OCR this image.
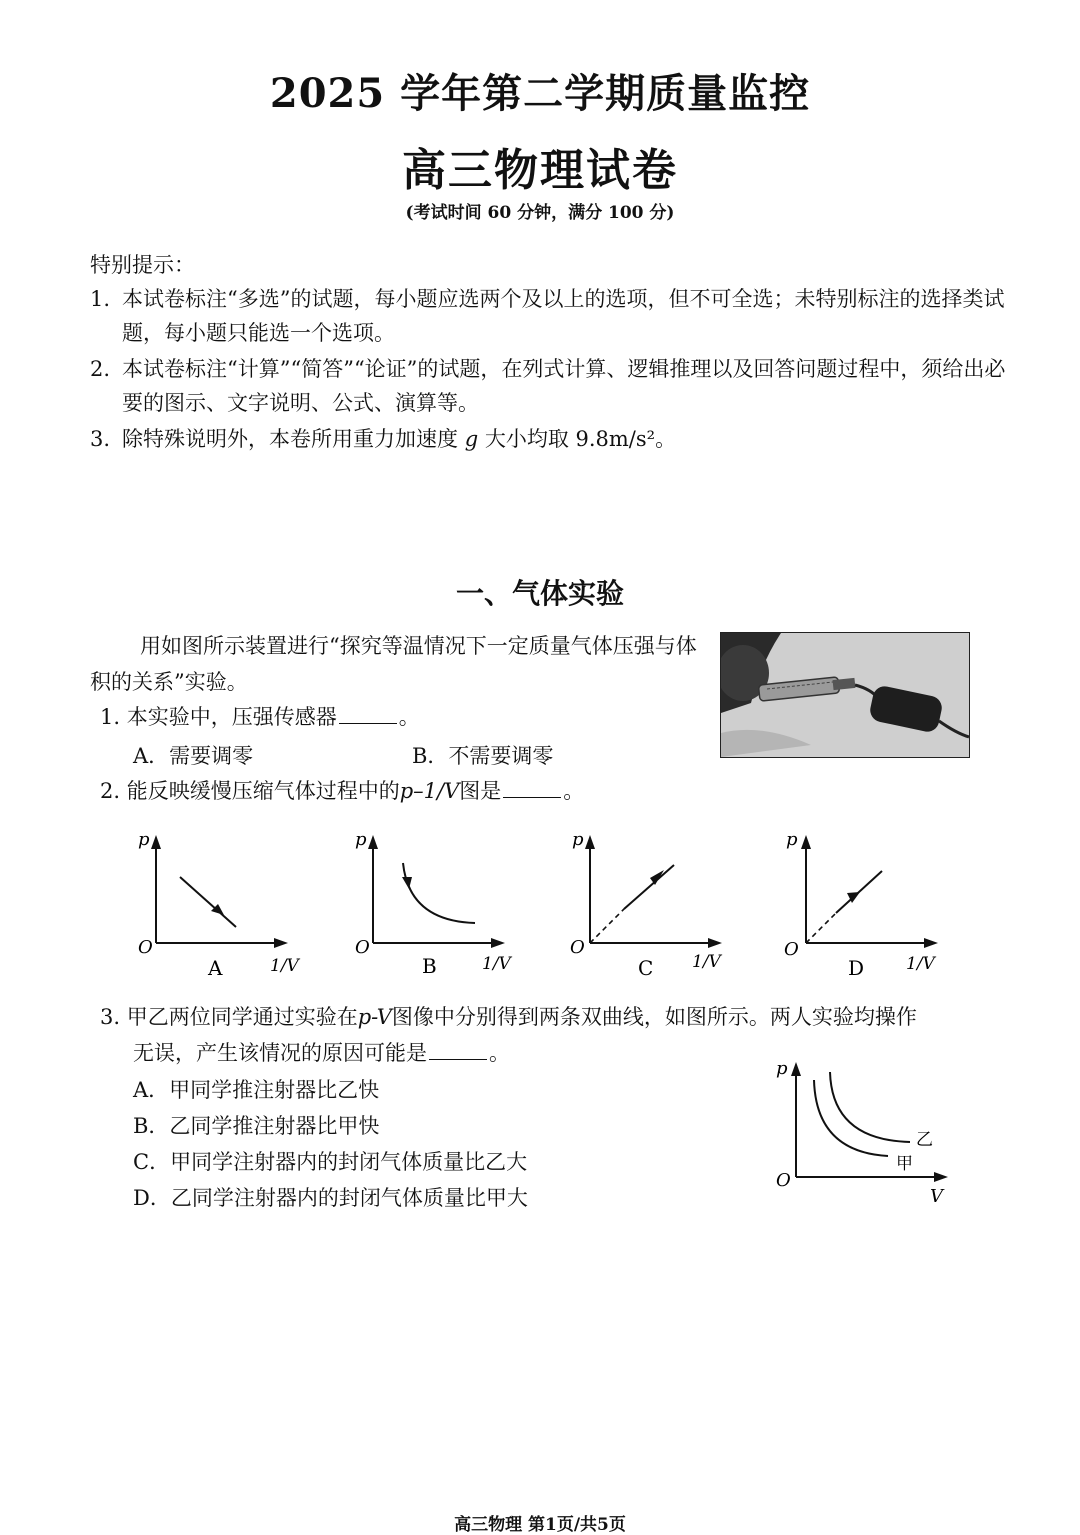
2025 学年第二学期质量监控
高三物理试卷
(考试时间 60 分钟，满分 100 分)
特别提示：
1. 本试卷标注“多选”的试题，每小题应选两个及以上的选项，但不可全选；未特别标注的选择类试题，每小题只能选一个选项。
2. 本试卷标注“计算”“简答”“论证”的试题，在列式计算、逻辑推理以及回答问题过程中，须给出必要的图示、文字说明、公式、演算等。
3. 除特殊说明外，本卷所用重力加速度 g 大小均取 9.8m/s²。
一、气体实验
用如图所示装置进行“探究等温情况下一定质量气体压强与体积的关系”实验。
1. 本实验中，压强传感器	。
A．需要调零	B．不需要调零
2. 能反映缓慢压缩气体过程中的p–1/V图是	。
p
O
1/V
A
p
O
1/V
B
p
O
1/V
C
p
O
1/V
D
3. 甲乙两位同学通过实验在p-V图像中分别得到两条双曲线，如图所示。两人实验均操作
无误，产生该情况的原因可能是	。
A．甲同学推注射器比乙快
B．乙同学推注射器比甲快
C．甲同学注射器内的封闭气体质量比乙大
D．乙同学注射器内的封闭气体质量比甲大
p
O
V
乙
甲
高三物理 第1页/共5页
